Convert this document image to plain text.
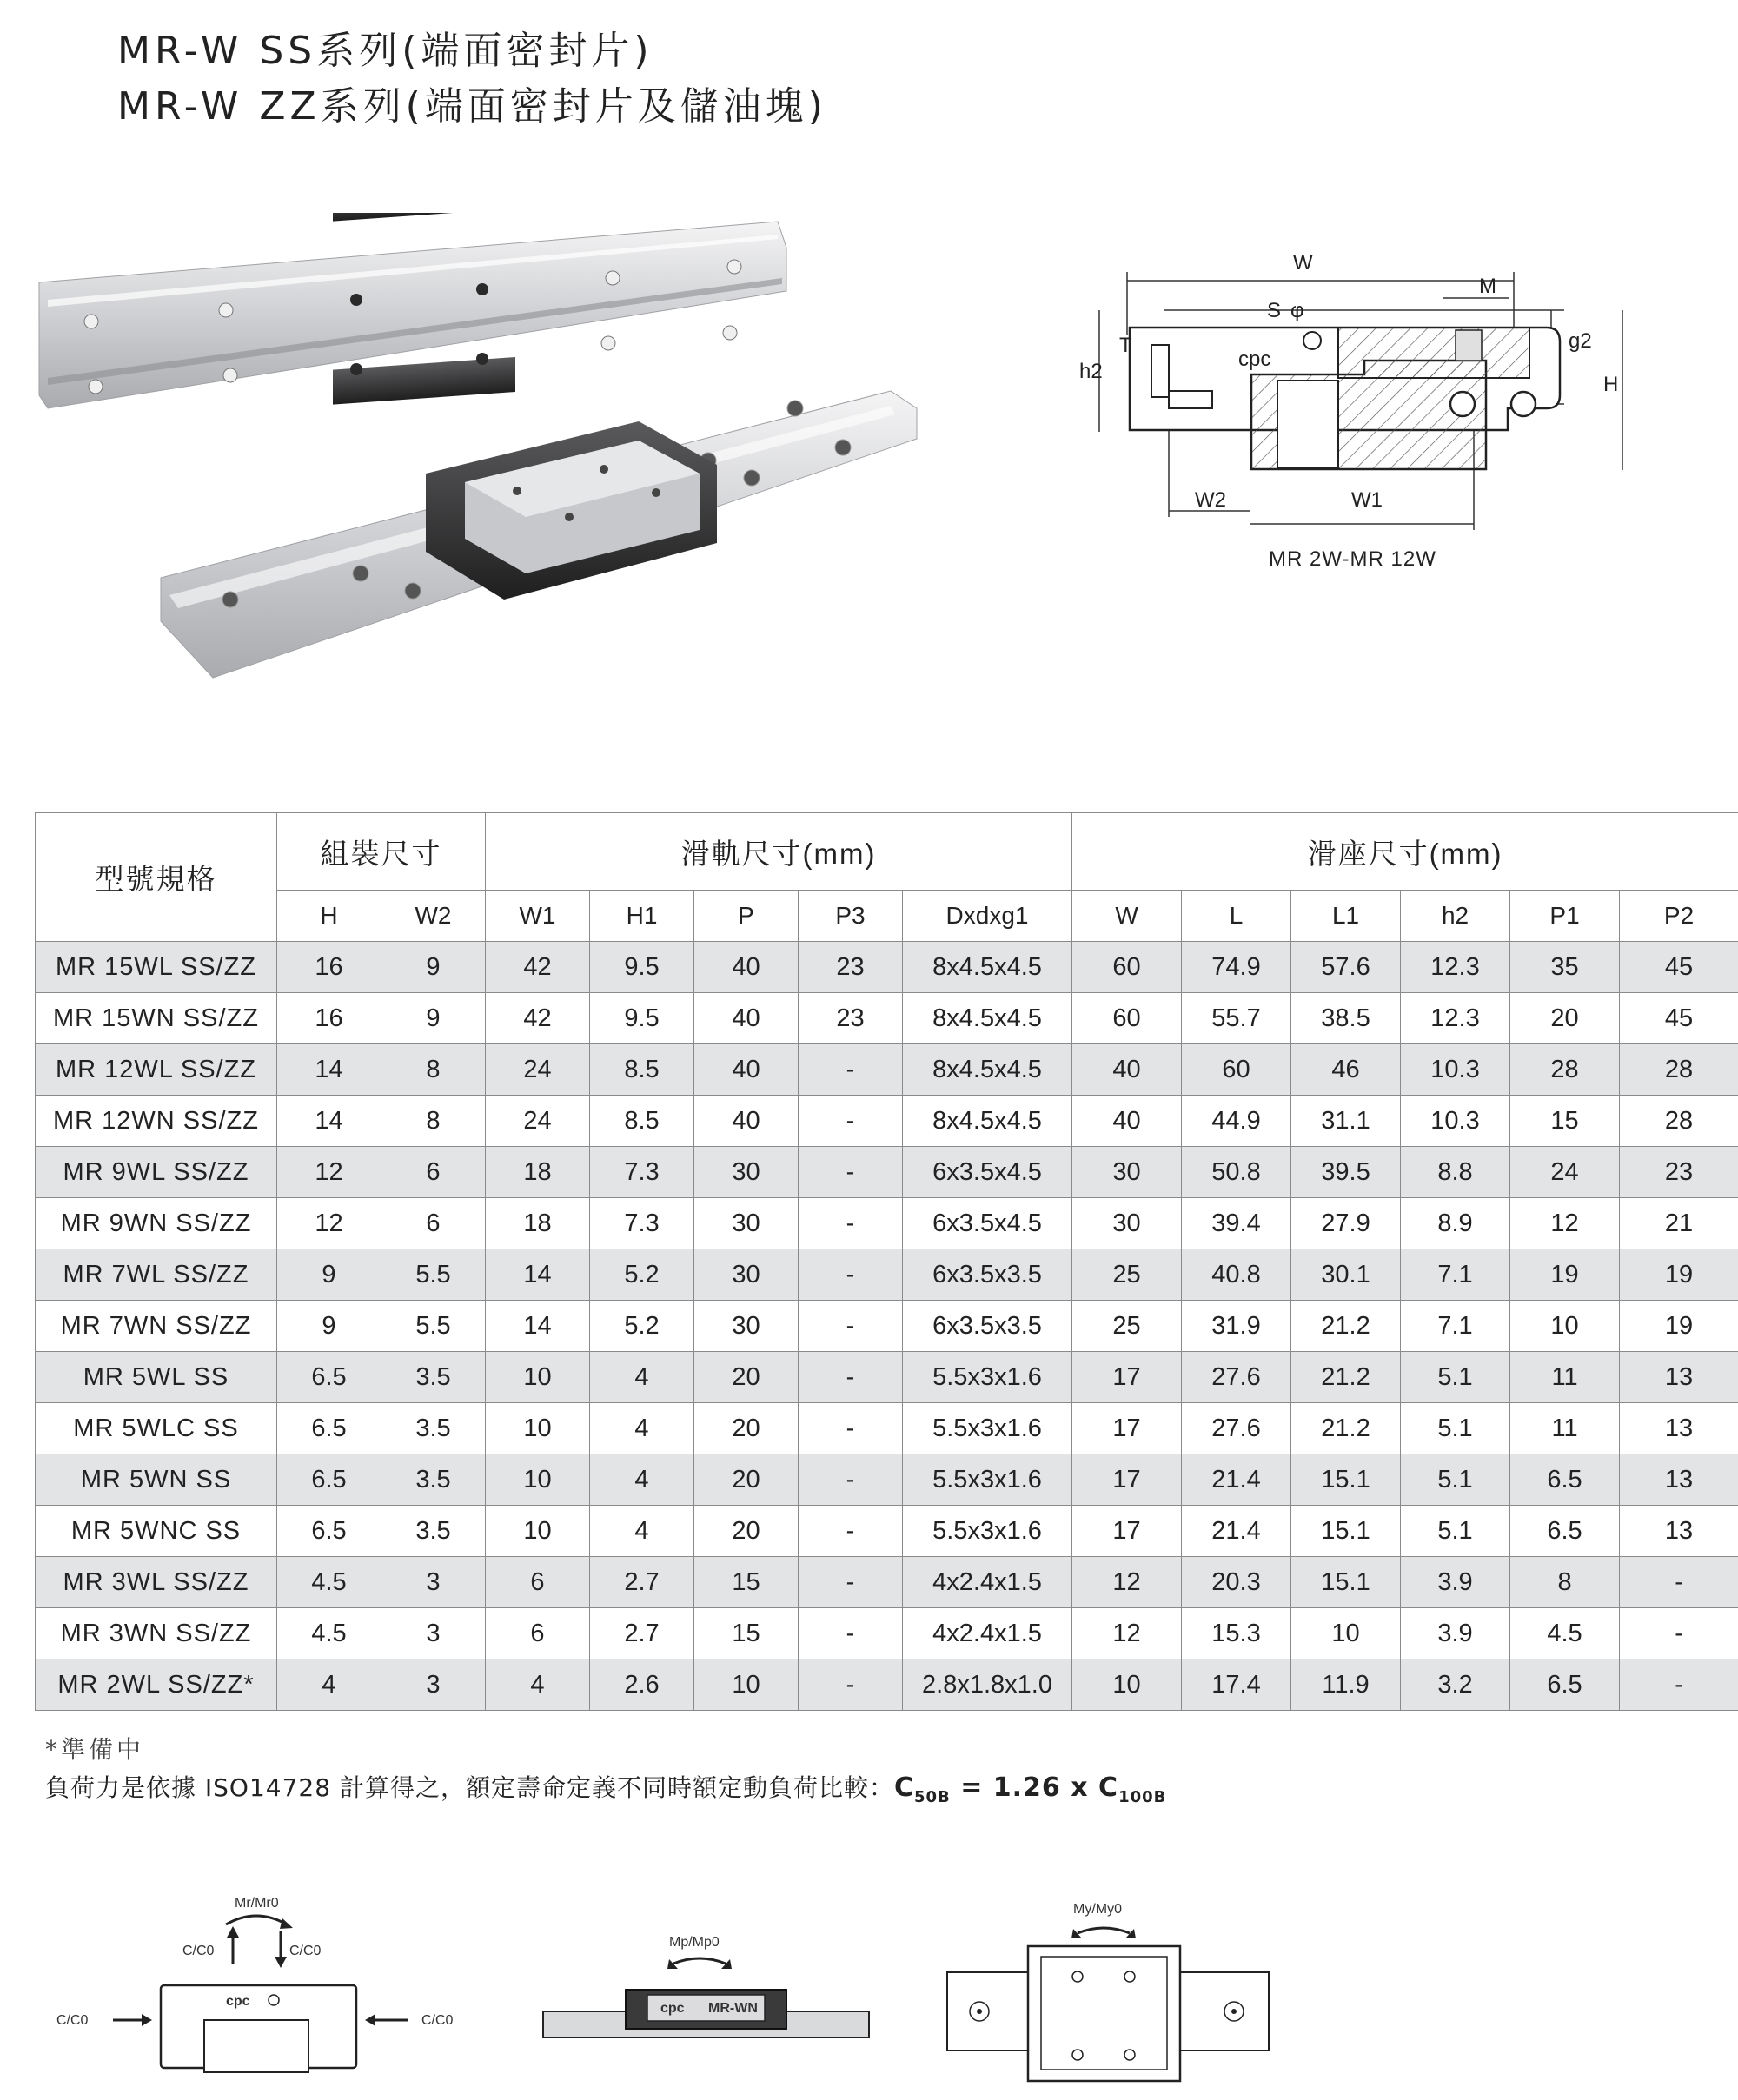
MR-W SS系列(端面密封片)
MR-W ZZ系列(端面密封片及儲油塊)
W
M
S φ
T
h2
g2
H
W2	W1
cpc
MR 2W-MR 12W
型號規格	組裝尺寸		滑軌尺寸(mm)					滑座尺寸(mm)					
	H	W2	W1	H1	P	P3	Dxdxg1	W	L	L1	h2	P1	P2
MR 15WL SS/ZZ	16	9	42	9.5	40	23	8x4.5x4.5	60	74.9	57.6	12.3	35	45
MR 15WN SS/ZZ	16	9	42	9.5	40	23	8x4.5x4.5	60	55.7	38.5	12.3	20	45
MR 12WL SS/ZZ	14	8	24	8.5	40	-	8x4.5x4.5	40	60	46	10.3	28	28
MR 12WN SS/ZZ	14	8	24	8.5	40	-	8x4.5x4.5	40	44.9	31.1	10.3	15	28
MR 9WL SS/ZZ	12	6	18	7.3	30	-	6x3.5x4.5	30	50.8	39.5	8.8	24	23
MR 9WN SS/ZZ	12	6	18	7.3	30	-	6x3.5x4.5	30	39.4	27.9	8.9	12	21
MR 7WL SS/ZZ	9	5.5	14	5.2	30	-	6x3.5x3.5	25	40.8	30.1	7.1	19	19
MR 7WN SS/ZZ	9	5.5	14	5.2	30	-	6x3.5x3.5	25	31.9	21.2	7.1	10	19
MR 5WL SS	6.5	3.5	10	4	20	-	5.5x3x1.6	17	27.6	21.2	5.1	11	13
MR 5WLC SS	6.5	3.5	10	4	20	-	5.5x3x1.6	17	27.6	21.2	5.1	11	13
MR 5WN SS	6.5	3.5	10	4	20	-	5.5x3x1.6	17	21.4	15.1	5.1	6.5	13
MR 5WNC SS	6.5	3.5	10	4	20	-	5.5x3x1.6	17	21.4	15.1	5.1	6.5	13
MR 3WL SS/ZZ	4.5	3	6	2.7	15	-	4x2.4x1.5	12	20.3	15.1	3.9	8	-
MR 3WN SS/ZZ	4.5	3	6	2.7	15	-	4x2.4x1.5	12	15.3	10	3.9	4.5	-
MR 2WL SS/ZZ*	4	3	4	2.6	10	-	2.8x1.8x1.0	10	17.4	11.9	3.2	6.5	-
*準備中
負荷力是依據 ISO14728 計算得之，額定壽命定義不同時額定動負荷比較：$C_{50B} = 1.26$ x $C_{100B}$
Mr/Mr0
C/C0	C/C0
C/C0	C/C0
cpc
Mp/Mp0
cpc MR-WN
My/My0
